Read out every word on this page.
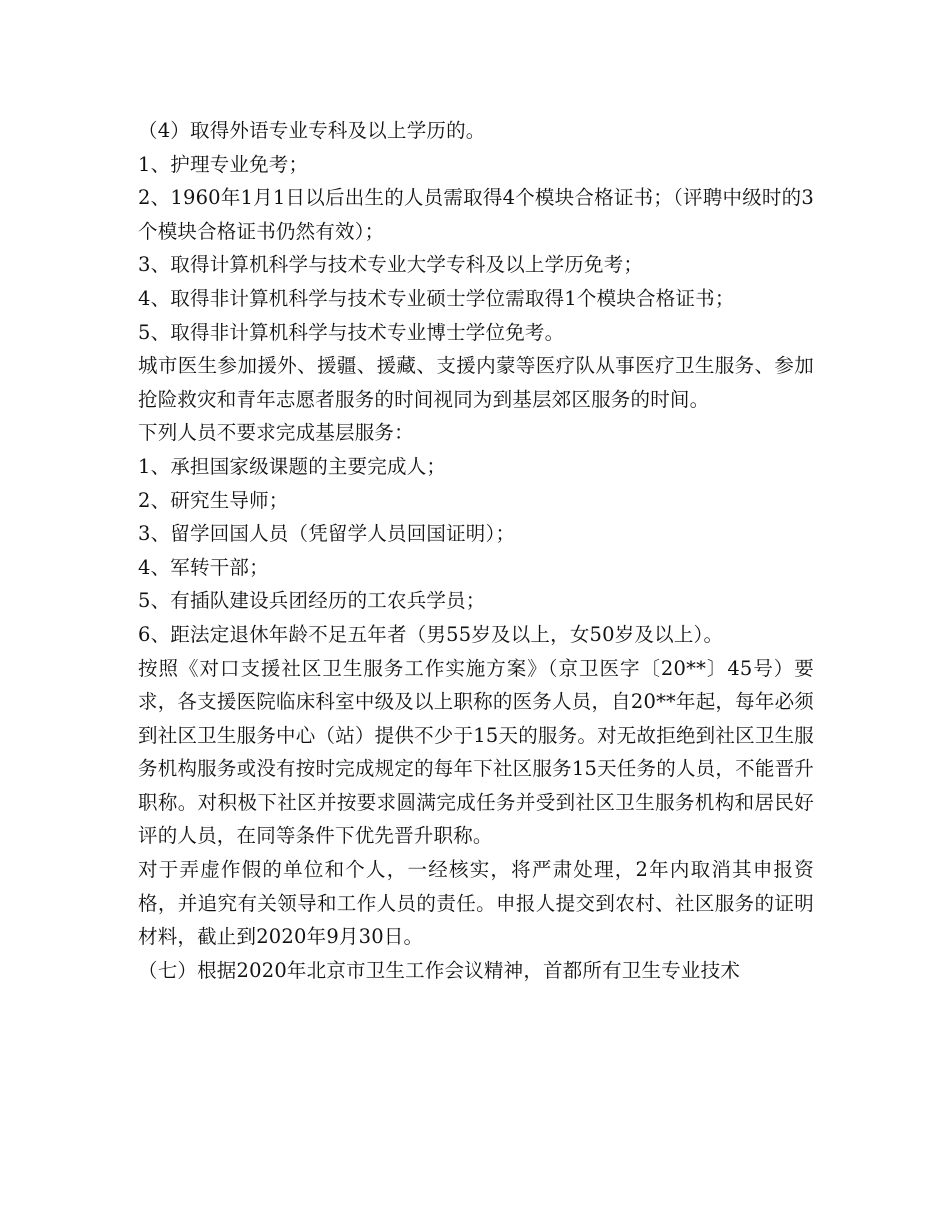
（4）取得外语专业专科及以上学历的。

1、护理专业免考；

2、1960年1月1日以后出生的人员需取得4个模块合格证书；（评聘中级时的3个模块合格证书仍然有效）；

3、取得计算机科学与技术专业大学专科及以上学历免考；

4、取得非计算机科学与技术专业硕士学位需取得1个模块合格证书；

5、取得非计算机科学与技术专业博士学位免考。

城市医生参加援外、援疆、援藏、支援内蒙等医疗队从事医疗卫生服务、参加抢险救灾和青年志愿者服务的时间视同为到基层郊区服务的时间。

下列人员不要求完成基层服务：

1、承担国家级课题的主要完成人；

2、研究生导师；

3、留学回国人员（凭留学人员回国证明）；

4、军转干部；

5、有插队建设兵团经历的工农兵学员；

6、距法定退休年龄不足五年者（男55岁及以上，女50岁及以上）。

按照《对口支援社区卫生服务工作实施方案》（京卫医字〔20**〕45号）要求，各支援医院临床科室中级及以上职称的医务人员，自20**年起，每年必须到社区卫生服务中心（站）提供不少于15天的服务。对无故拒绝到社区卫生服务机构服务或没有按时完成规定的每年下社区服务15天任务的人员，不能晋升职称。对积极下社区并按要求圆满完成任务并受到社区卫生服务机构和居民好评的人员，在同等条件下优先晋升职称。

对于弄虚作假的单位和个人，一经核实，将严肃处理，2年内取消其申报资格，并追究有关领导和工作人员的责任。申报人提交到农村、社区服务的证明材料，截止到2020年9月30日。

（七）根据2020年北京市卫生工作会议精神，首都所有卫生专业技术
